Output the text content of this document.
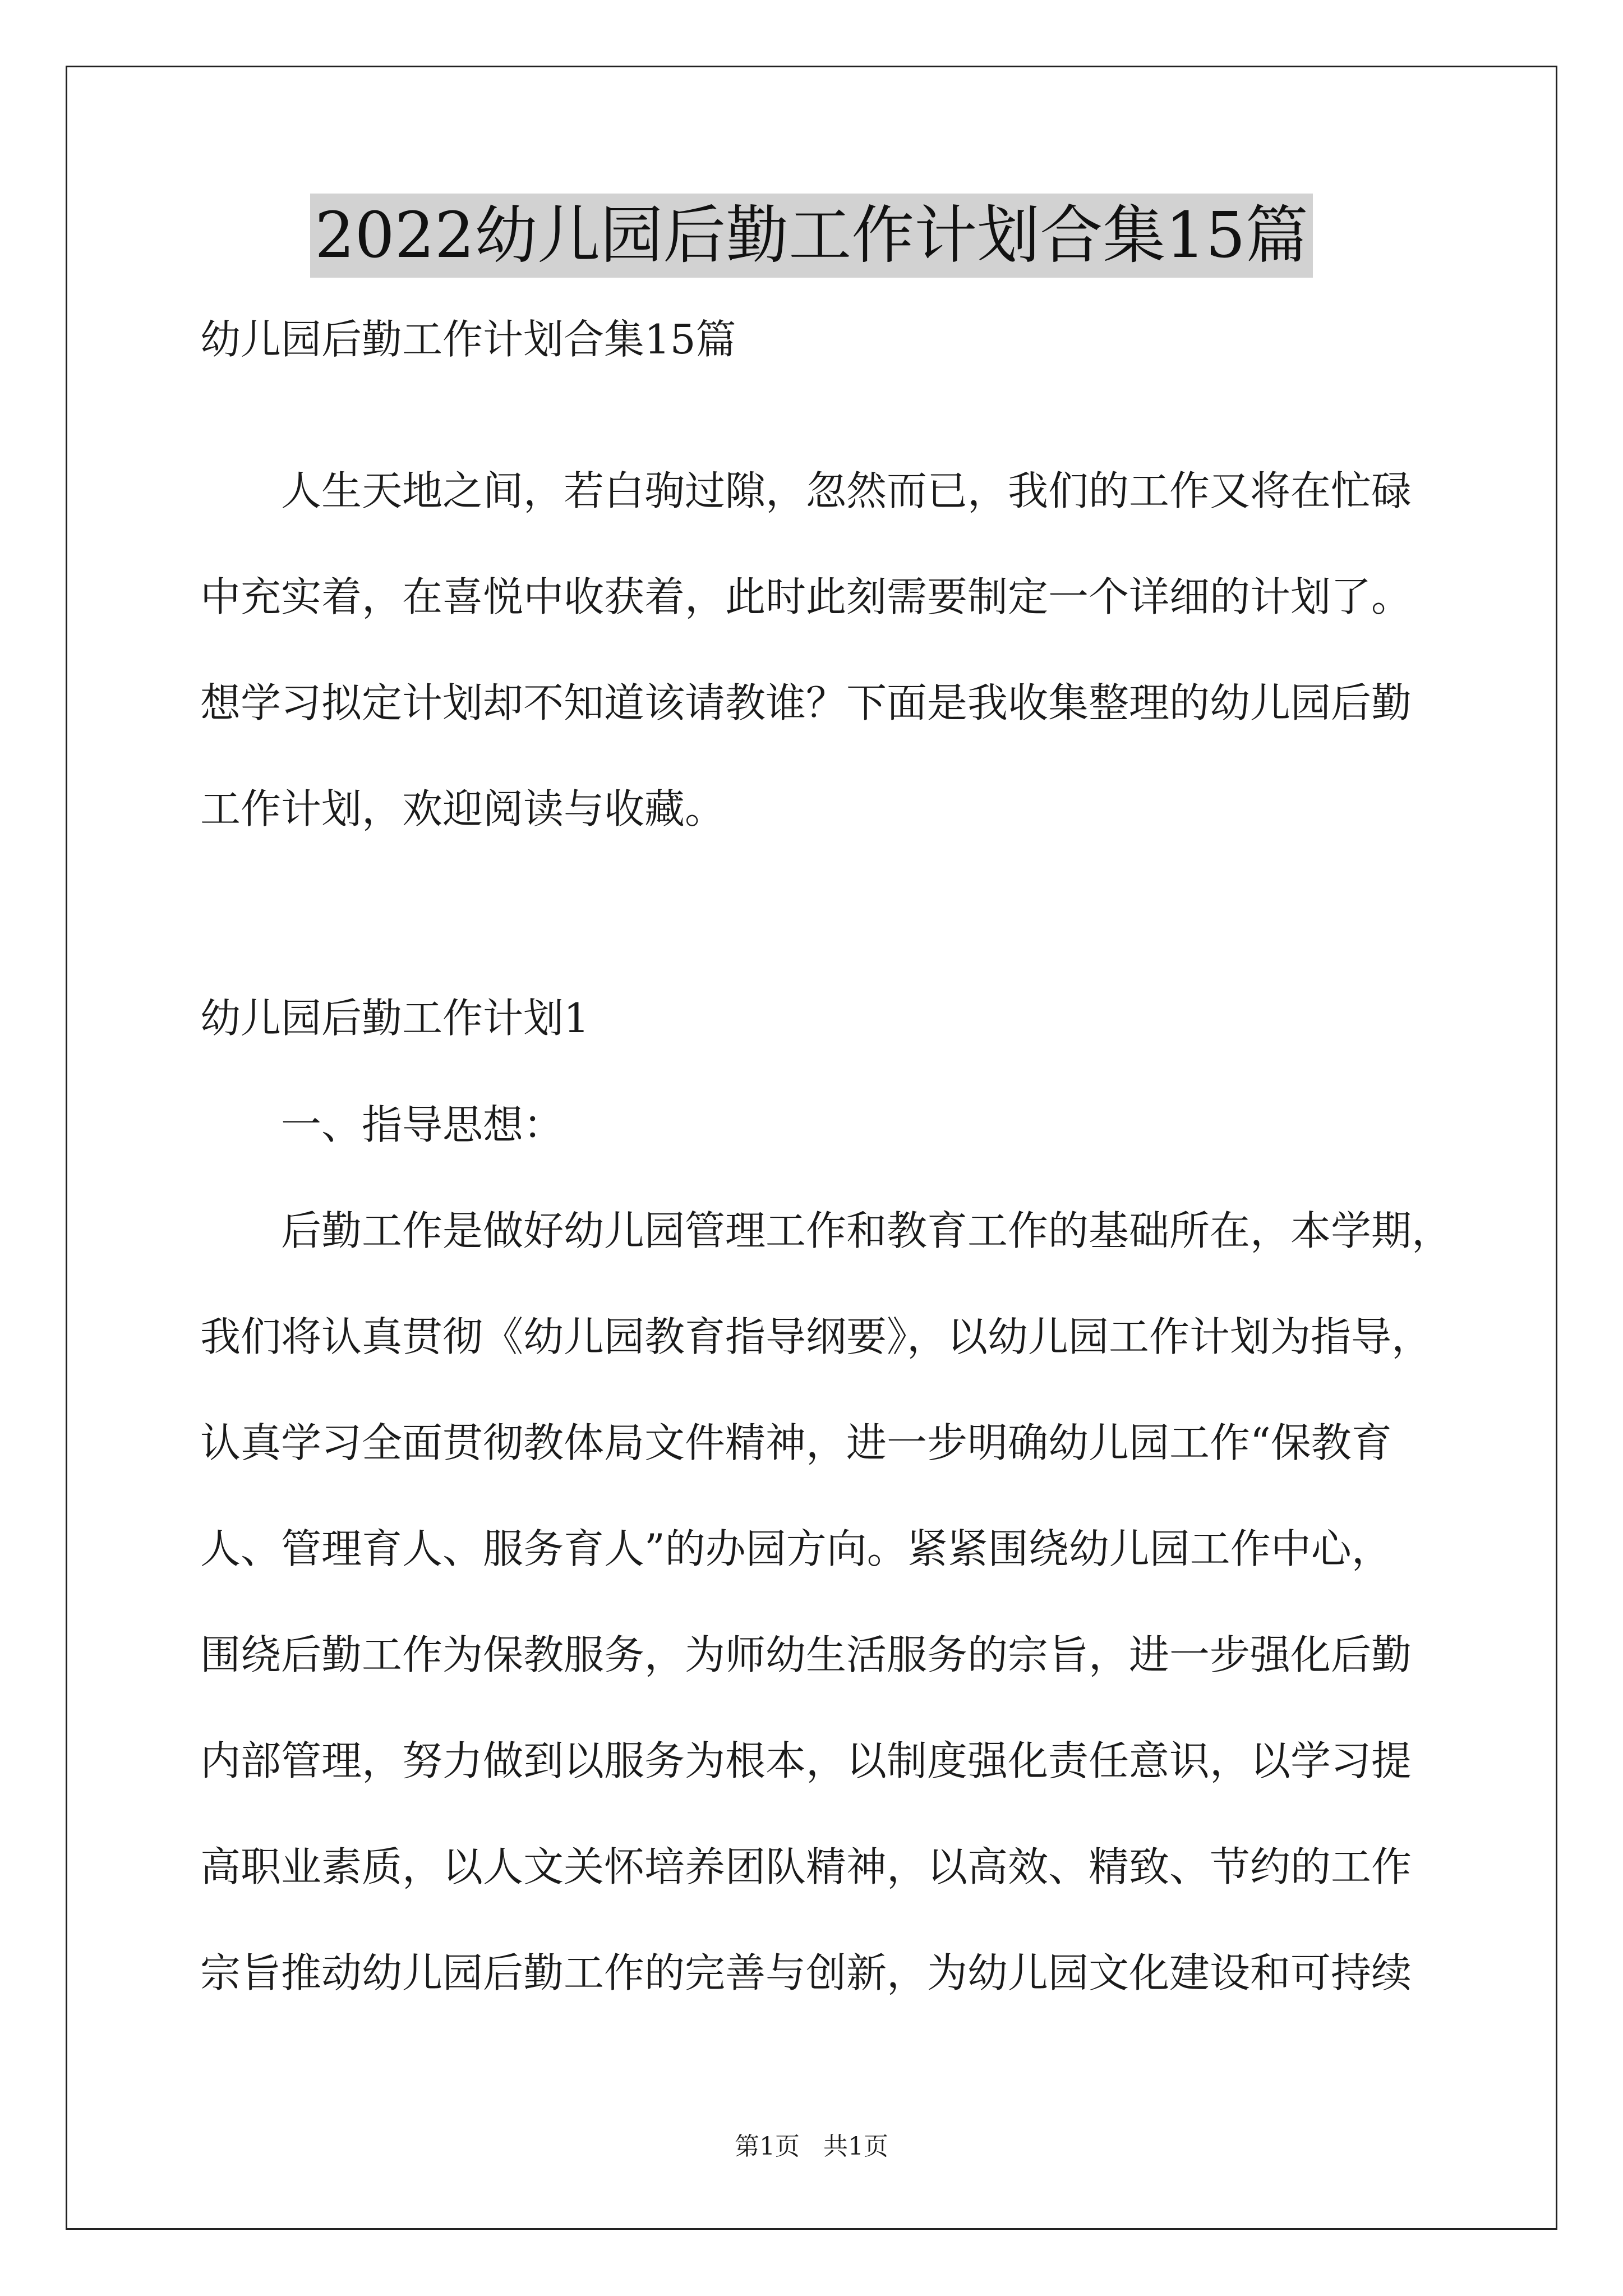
2022幼儿园后勤工作计划合集15篇
幼儿园后勤工作计划合集15篇
人生天地之间，若白驹过隙，忽然而已，我们的工作又将在忙碌
中充实着，在喜悦中收获着，此时此刻需要制定一个详细的计划了。
想学习拟定计划却不知道该请教谁？下面是我收集整理的幼儿园后勤
工作计划，欢迎阅读与收藏。
幼儿园后勤工作计划1
一、指导思想：
后勤工作是做好幼儿园管理工作和教育工作的基础所在，本学期，
我们将认真贯彻《幼儿园教育指导纲要》，以幼儿园工作计划为指导，
认真学习全面贯彻教体局文件精神，进一步明确幼儿园工作“保教育
人、管理育人、服务育人”的办园方向。紧紧围绕幼儿园工作中心，
围绕后勤工作为保教服务，为师幼生活服务的宗旨，进一步强化后勤
内部管理，努力做到以服务为根本，以制度强化责任意识，以学习提
高职业素质，以人文关怀培养团队精神，以高效、精致、节约的工作
宗旨推动幼儿园后勤工作的完善与创新，为幼儿园文化建设和可持续
第1页 共1页
